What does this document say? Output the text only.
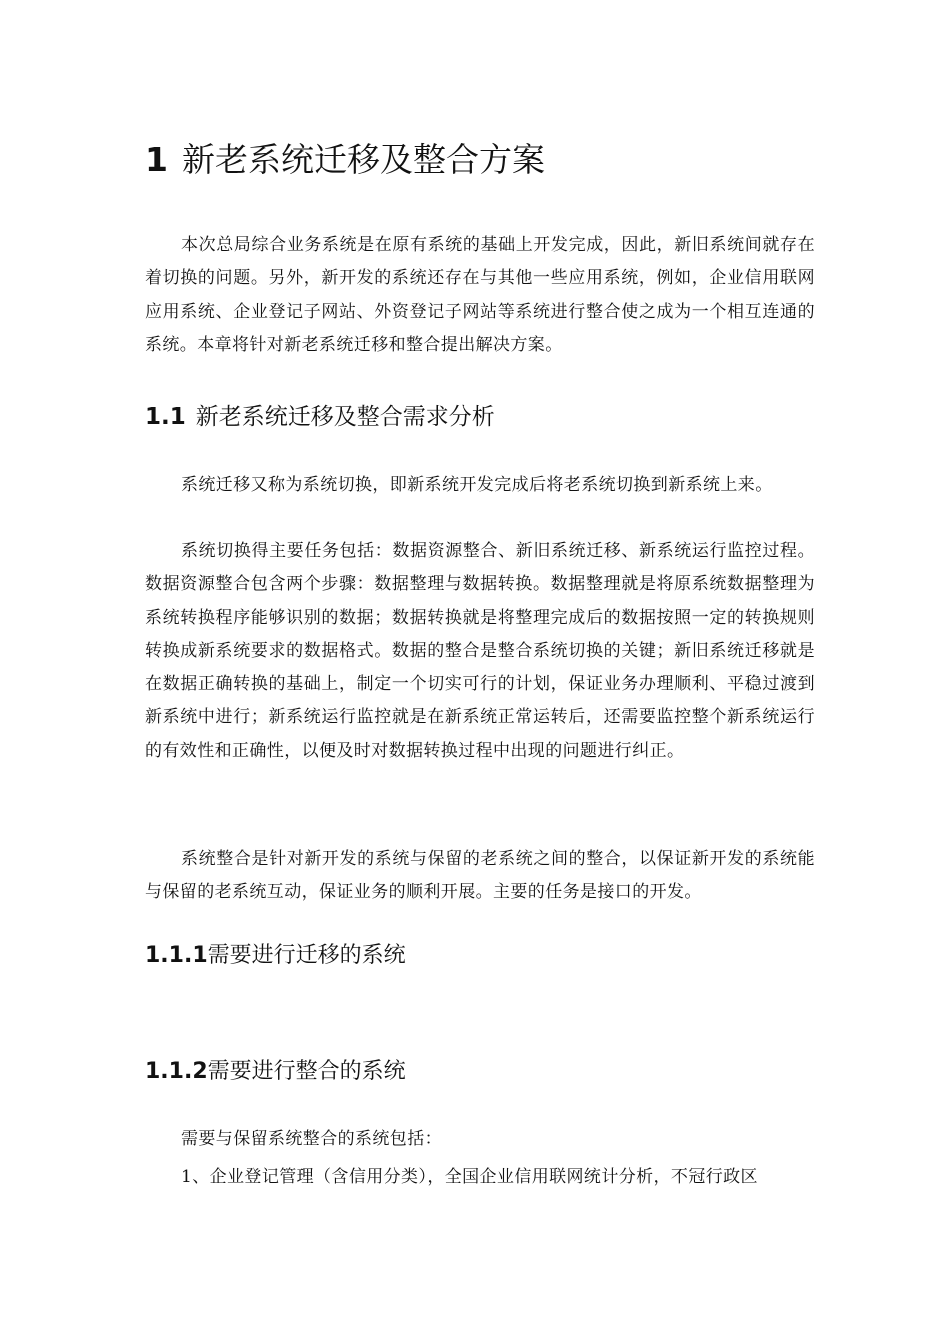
1 新老系统迁移及整合方案

本次总局综合业务系统是在原有系统的基础上开发完成，因此，新旧系统间就存在着切换的问题。另外，新开发的系统还存在与其他一些应用系统，例如，企业信用联网应用系统、企业登记子网站、外资登记子网站等系统进行整合使之成为一个相互连通的系统。本章将针对新老系统迁移和整合提出解决方案。

1.1 新老系统迁移及整合需求分析

系统迁移又称为系统切换，即新系统开发完成后将老系统切换到新系统上来。

系统切换得主要任务包括：数据资源整合、新旧系统迁移、新系统运行监控过程。数据资源整合包含两个步骤：数据整理与数据转换。数据整理就是将原系统数据整理为系统转换程序能够识别的数据；数据转换就是将整理完成后的数据按照一定的转换规则转换成新系统要求的数据格式。数据的整合是整合系统切换的关键；新旧系统迁移就是在数据正确转换的基础上，制定一个切实可行的计划，保证业务办理顺利、平稳过渡到新系统中进行；新系统运行监控就是在新系统正常运转后，还需要监控整个新系统运行的有效性和正确性，以便及时对数据转换过程中出现的问题进行纠正。

系统整合是针对新开发的系统与保留的老系统之间的整合，以保证新开发的系统能与保留的老系统互动，保证业务的顺利开展。主要的任务是接口的开发。

1.1.1需要进行迁移的系统
1.1.2需要进行整合的系统

需要与保留系统整合的系统包括：

1、企业登记管理（含信用分类），全国企业信用联网统计分析，不冠行政区
